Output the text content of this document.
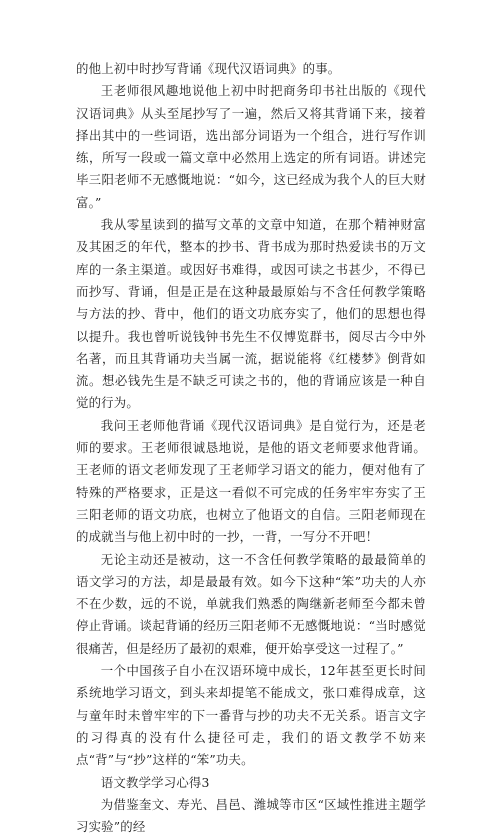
的他上初中时抄写背诵《现代汉语词典》的事。

王老师很风趣地说他上初中时把商务印书社出版的《现代汉语词典》从头至尾抄写了一遍，然后又将其背诵下来，接着择出其中的一些词语，选出部分词语为一个组合，进行写作训练，所写一段或一篇文章中必然用上选定的所有词语。讲述完毕三阳老师不无感慨地说：“如今，这已经成为我个人的巨大财富。”

我从零星读到的描写文革的文章中知道，在那个精神财富及其困乏的年代，整本的抄书、背书成为那时热爱读书的万文库的一条主渠道。或因好书难得，或因可读之书甚少，不得已而抄写、背诵，但是正是在这种最最原始与不含任何教学策略与方法的抄、背中，他们的语文功底夯实了，他们的思想也得以提升。我也曾听说钱钟书先生不仅博览群书，阅尽古今中外名著，而且其背诵功夫当属一流，据说能将《红楼梦》倒背如流。想必钱先生是不缺乏可读之书的，他的背诵应该是一种自觉的行为。

我问王老师他背诵《现代汉语词典》是自觉行为，还是老师的要求。王老师很诚恳地说，是他的语文老师要求他背诵。王老师的语文老师发现了王老师学习语文的能力，便对他有了特殊的严格要求，正是这一看似不可完成的任务牢牢夯实了王三阳老师的语文功底，也树立了他语文的自信。三阳老师现在的成就当与他上初中时的一抄，一背，一写分不开吧！

无论主动还是被动，这一不含任何教学策略的最最简单的语文学习的方法，却是最最有效。如今下这种“笨”功夫的人亦不在少数，远的不说，单就我们熟悉的陶继新老师至今都未曾停止背诵。谈起背诵的经历三阳老师不无感慨地说：“当时感觉很痛苦，但是经历了最初的艰难，便开始享受这一过程了。”

一个中国孩子自小在汉语环境中成长，12年甚至更长时间系统地学习语文，到头来却提笔不能成文，张口难得成章，这与童年时未曾牢牢的下一番背与抄的功夫不无关系。语言文字的习得真的没有什么捷径可走，我们的语文教学不妨来点“背”与“抄”这样的“笨”功夫。

语文教学学习心得3

为借鉴奎文、寿光、昌邑、潍城等市区“区域性推进主题学习实验”的经
